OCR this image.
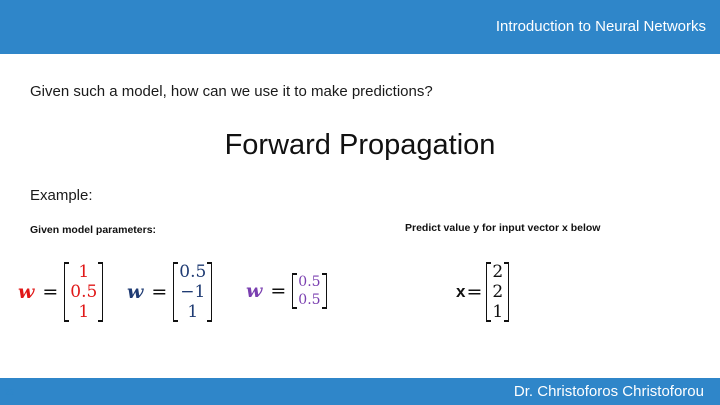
Introduction to Neural Networks
Given such a model, how can we use it to make predictions?
Forward Propagation
Example:
Given model parameters:	Predict value y for input vector x below
w =
1
0.5
1
w =
0.5
−1
1
w = 0.5
0.5	x =
2
2
1
Dr. Christoforos Christoforou
23
